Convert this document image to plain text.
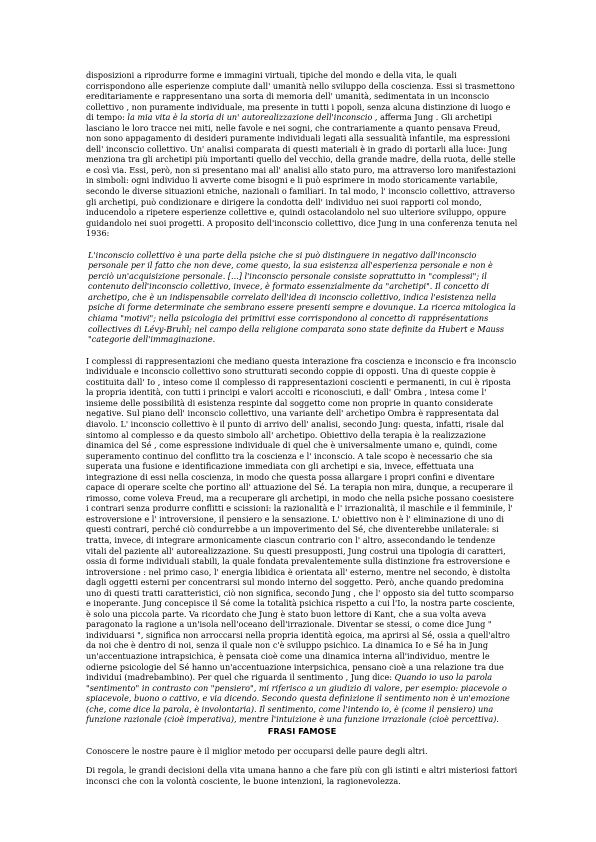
disposizioni a riprodurre forme e immagini virtuali, tipiche del mondo e della vita, le quali corrispondono alle esperienze compiute dall' umanità nello sviluppo della coscienza. Essi si trasmettono ereditariamente e rappresentano una sorta di memoria dell' umanità, sedimentata in un inconscio collettivo , non puramente individuale, ma presente in tutti i popoli, senza alcuna distinzione di luogo e di tempo: la mia vita è la storia di un' autorealizzazione dell'inconscio , afferma Jung . Gli archetipi lasciano le loro tracce nei miti, nelle favole e nei sogni, che contrariamente a quanto pensava Freud, non sono appagamento di desideri puramente individuali legati alla sessualità infantile, ma espressioni dell' inconscio collettivo. Un' analisi comparata di questi materiali è in grado di portarli alla luce: Jung menziona tra gli archetipi più importanti quello del vecchio, della grande madre, della ruota, delle stelle e così via. Essi, però, non si presentano mai all' analisi allo stato puro, ma attraverso loro manifestazioni in simboli: ogni individuo li avverte come bisogni e li può esprimere in modo storicamente variabile, secondo le diverse situazioni etniche, nazionali o familiari. In tal modo, l' inconscio collettivo, attraverso gli archetipi, può condizionare e dirigere la condotta dell' individuo nei suoi rapporti col mondo, inducendolo a ripetere esperienze collettive e, quindi ostacolandolo nel suo ulteriore sviluppo, oppure guidandolo nei suoi progetti. A proposito dell'inconscio collettivo, dice Jung in una conferenza tenuta nel 1936:

L'inconscio collettivo è una parte della psiche che si può distinguere in negativo dall'inconscio personale per il fatto che non deve, come questo, la sua esistenza all'esperienza personale e non è perciò un'acquisizione personale. [...] l'inconscio personale consiste soprattutto in "complessi"; il contenuto dell'inconscio collettivo, invece, è formato essenzialmente da "archetipi". Il concetto di archetipo, che è un indispensabile correlato dell'idea di inconscio collettivo, indica l'esistenza nella psiche di forme determinate che sembrano essere presenti sempre e dovunque. La ricerca mitologica la chiama "motivi"; nella psicologia dei primitivi esse corrispondono al concetto di rapprésentations collectives di Lévy-Bruhl; nel campo della religione comparata sono state definite da Hubert e Mauss "categorie dell'immaginazione.

I complessi di rappresentazioni che mediano questa interazione fra coscienza e inconscio e fra inconscio individuale e inconscio collettivo sono strutturati secondo coppie di opposti. Una di queste coppie è costituita dall' Io , inteso come il complesso di rappresentazioni coscienti e permanenti, in cui è riposta la propria identità, con tutti i principi e valori accolti e riconosciuti, e dall' Ombra , intesa come l' insieme delle possibilità di esistenza respinte dal soggetto come non proprie in quanto considerate negative. Sul piano dell' inconscio collettivo, una variante dell' archetipo Ombra è rappresentata dal diavolo. L' inconscio collettivo è il punto di arrivo dell' analisi, secondo Jung: questa, infatti, risale dal sintomo al complesso e da questo simbolo all' archetipo. Obiettivo della terapia è la realizzazione dinamica del Sé , come espressione individuale di quel che è universalmente umano e, quindi, come superamento continuo del conflitto tra la coscienza e l' inconscio. A tale scopo è necessario che sia superata una fusione e identificazione immediata con gli archetipi e sia, invece, effettuata una integrazione di essi nella coscienza, in modo che questa possa allargare i propri confini e diventare capace di operare scelte che portino all' attuazione del Sé. La terapia non mira, dunque, a recuperare il rimosso, come voleva Freud, ma a recuperare gli archetipi, in modo che nella psiche possano coesistere i contrari senza produrre conflitti e scissioni: la razionalità e l' irrazionalità, il maschile e il femminile, l' estroversione e l' introversione, il pensiero e la sensazione. L' obiettivo non è l' eliminazione di uno di questi contrari, perché ciò condurrebbe a un impoverimento del Sé, che diventerebbe unilaterale: si tratta, invece, di integrare armonicamente ciascun contrario con l' altro, assecondando le tendenze vitali del paziente all' autorealizzazione. Su questi presupposti, Jung costruì una tipologia di caratteri, ossia di forme individuali stabili, la quale fondata prevalentemente sulla distinzione fra estroversione e introversione : nel primo caso, l' energia libidica è orientata all' esterno, mentre nel secondo, è distolta dagli oggetti esterni per concentrarsi sul mondo interno del soggetto. Però, anche quando predomina uno di questi tratti caratteristici, ciò non significa, secondo Jung , che l' opposto sia del tutto scomparso e inoperante. Jung concepisce il Sé come la totalità psichica rispetto a cui l'Io, la nostra parte cosciente, è solo una piccola parte. Va ricordato che Jung è stato buon lettore di Kant, che a sua volta aveva paragonato la ragione a un'isola nell'oceano dell'irrazionale. Diventar se stessi, o come dice Jung " individuarsi ", significa non arroccarsi nella propria identità egoica, ma aprirsi al Sé, ossia a quell'altro da noi che è dentro di noi, senza il quale non c'è sviluppo psichico. La dinamica Io e Sé ha in Jung un'accentuazione intrapsichica, è pensata cioè come una dinamica interna all'individuo, mentre le odierne psicologie del Sé hanno un'accentuazione interpsichica, pensano cioè a una relazione tra due individui (madrebambino). Per quel che riguarda il sentimento , Jung dice: Quando io uso la parola "sentimento" in contrasto con "pensiero", mi riferisco a un giudizio di valore, per esempio: piacevole o spiacevole, buono o cattivo, e via dicendo. Secondo questa definizione il sentimento non è un'emozione (che, come dice la parola, è involontaria). Il sentimento, come l'intendo io, è (come il pensiero) una funzione razionale (cioè imperativa), mentre l'intuizione è una funzione irrazionale (cioè percettiva).

FRASI FAMOSE

Conoscere le nostre paure è il miglior metodo per occuparsi delle paure degli altri.

Di regola, le grandi decisioni della vita umana hanno a che fare più con gli istinti e altri misteriosi fattori inconsci che con la volontà cosciente, le buone intenzioni, la ragionevolezza.
